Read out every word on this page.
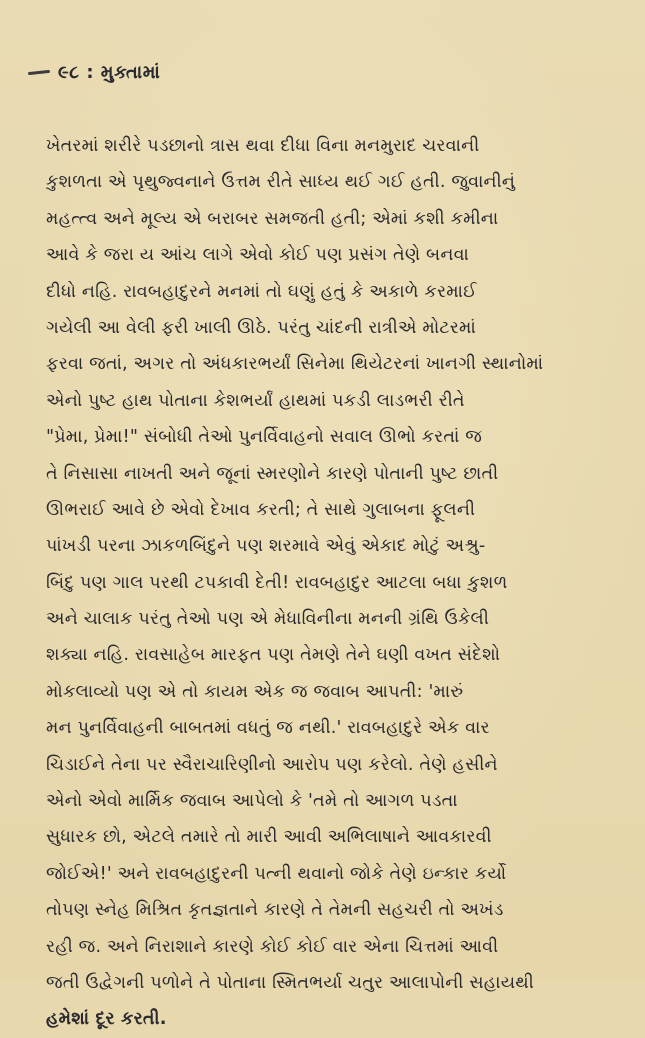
૯૮ : મુક્તામાં
ખેતરમાં શરીરે પડછાનો ત્રાસ થવા દીધા વિના મનમુરાદ ચરવાની
કુશળતા એ પૃથુજ્વનાને ઉત્તમ રીતે સાધ્ય થઈ ગઈ હતી. જુવાનીનું
મહત્ત્વ અને મૂલ્ય એ બરાબર સમજતી હતી; એમાં કશી કમીના
આવે કે જરા ય આંચ લાગે એવો કોઈ પણ પ્રસંગ તેણે બનવા
દીધો નહિ. રાવબહાદુરને મનમાં તો ઘણું હતું કે અકાળે કરમાઈ
ગયેલી આ વેલી ફરી ખાલી ઊઠે. પરંતુ ચાંદની રાત્રીએ મોટરમાં
ફરવા જતાં, અગર તો અંધકારભર્યાં સિનેમા થિયેટરનાં ખાનગી સ્થાનોમાં
એનો પુષ્ટ હાથ પોતાના કેશભર્યાં હાથમાં પકડી લાડભરી રીતે
"પ્રેમા, પ્રેમા!" સંબોધી તેઓ પુનર્વિવાહનો સવાલ ઊભો કરતાં જ
તે નિસાસા નાખતી અને જૂનાં સ્મરણોને કારણે પોતાની પુષ્ટ છાતી
ઊભરાઈ આવે છે એવો દેખાવ કરતી; તે સાથે ગુલાબના ફૂલની
પાંખડી પરના ઝાકળબિંદુને પણ શરમાવે એવું એકાદ મોટું અશ્રુ-
બિંદુ પણ ગાલ પરથી ટપકાવી દેતી! રાવબહાદુર આટલા બધા કુશળ
અને ચાલાક પરંતુ તેઓ પણ એ મેધાવિનીના મનની ગ્રંથિ ઉકેલી
શક્યા નહિ. રાવસાહેબ મારફત પણ તેમણે તેને ઘણી વખત સંદેશો
મોકલાવ્યો પણ એ તો કાયમ એક જ જવાબ આપતી: 'મારું
મન પુનર્વિવાહની બાબતમાં વધતું જ નથી.' રાવબહાદુરે એક વાર
ચિડાઈને તેના પર સ્વૈરાચારિણીનો આરોપ પણ કરેલો. તેણે હસીને
એનો એવો માર્મિક જવાબ આપેલો કે 'તમે તો આગળ પડતા
સુધારક છો, એટલે તમારે તો મારી આવી અભિલાષાને આવકારવી
જોઈએ!' અને રાવબહાદુરની પત્ની થવાનો જોકે તેણે ઇન્કાર કર્યો
તોપણ સ્નેહ મિશ્રિત કૃતજ્ઞતાને કારણે તે તેમની સહચરી તો અખંડ
રહી જ. અને નિરાશાને કારણે કોઈ કોઈ વાર એના ચિત્તમાં આવી
જતી ઉદ્વેગની પળોને તે પોતાના સ્મિતભર્યા ચતુર આલાપોની સહાયથી
હમેશાં દૂર કરતી.
